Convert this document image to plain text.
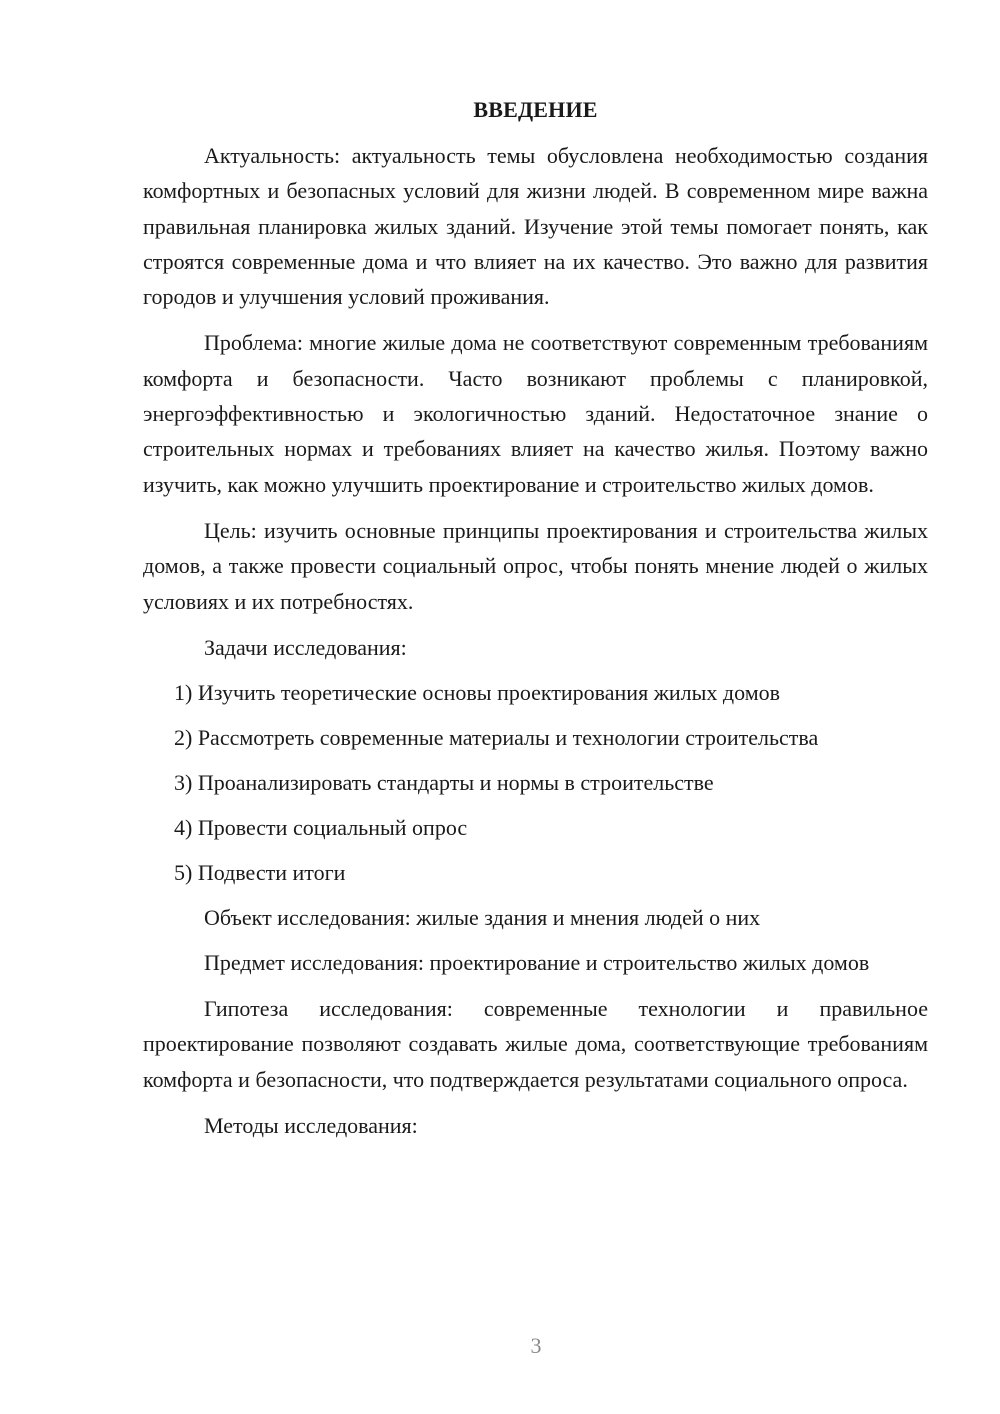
ВВЕДЕНИЕ

Актуальность: актуальность темы обусловлена необходимостью создания комфортных и безопасных условий для жизни людей. В современном мире важна правильная планировка жилых зданий. Изучение этой темы помогает понять, как строятся современные дома и что влияет на их качество. Это важно для развития городов и улучшения условий проживания.

Проблема: многие жилые дома не соответствуют современным требованиям комфорта и безопасности. Часто возникают проблемы с планировкой, энергоэффективностью и экологичностью зданий. Недостаточное знание о строительных нормах и требованиях влияет на качество жилья. Поэтому важно изучить, как можно улучшить проектирование и строительство жилых домов.

Цель: изучить основные принципы проектирования и строительства жилых домов, а также провести социальный опрос, чтобы понять мнение людей о жилых условиях и их потребностях.

Задачи исследования:

1) Изучить теоретические основы проектирования жилых домов
2) Рассмотреть современные материалы и технологии строительства
3) Проанализировать стандарты и нормы в строительстве
4) Провести социальный опрос
5) Подвести итоги

Объект исследования: жилые здания и мнения людей о них

Предмет исследования: проектирование и строительство жилых домов

Гипотеза исследования: современные технологии и правильное проектирование позволяют создавать жилые дома, соответствующие требованиям комфорта и безопасности, что подтверждается результатами социального опроса.

Методы исследования:

3
